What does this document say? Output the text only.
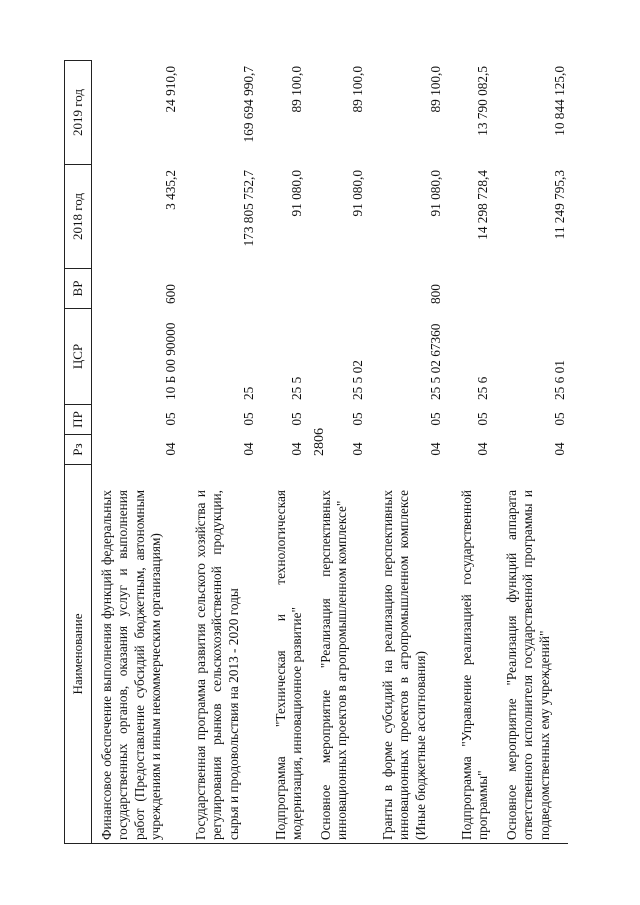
2806
Наименование
Рз
ПР
ЦСР
ВР
2018 год
2019 год
Финансовое обеспечение выполнения функций федеральных государственных органов, оказания услуг и выполнения работ (Предоставление субсидий бюджетным, автономным учреждениям и иным некоммерческим организациям)
04
05
10 Б 00 90000
600
3 435,2
24 910,0
Государственная программа развития сельского хозяйства и регулирования рынков сельскохозяйственной продукции, сырья и продовольствия на 2013 - 2020 годы
04
05
25
173 805 752,7
169 694 990,7
Подпрограмма "Техническая и технологическая модернизация, инновационное развитие"
04
05
25 5
91 080,0
89 100,0
Основное мероприятие "Реализация перспективных инновационных проектов в агропромышленном комплексе"
04
05
25 5 02
91 080,0
89 100,0
Гранты в форме субсидий на реализацию перспективных инновационных проектов в агропромышленном комплексе (Иные бюджетные ассигнования)
04
05
25 5 02 67360
800
91 080,0
89 100,0
Подпрограмма "Управление реализацией государственной программы"
04
05
25 6
14 298 728,4
13 790 082,5
Основное мероприятие "Реализация функций аппарата ответственного исполнителя государственной программы и подведомственных ему учреждений"
04
05
25 6 01
11 249 795,3
10 844 125,0
